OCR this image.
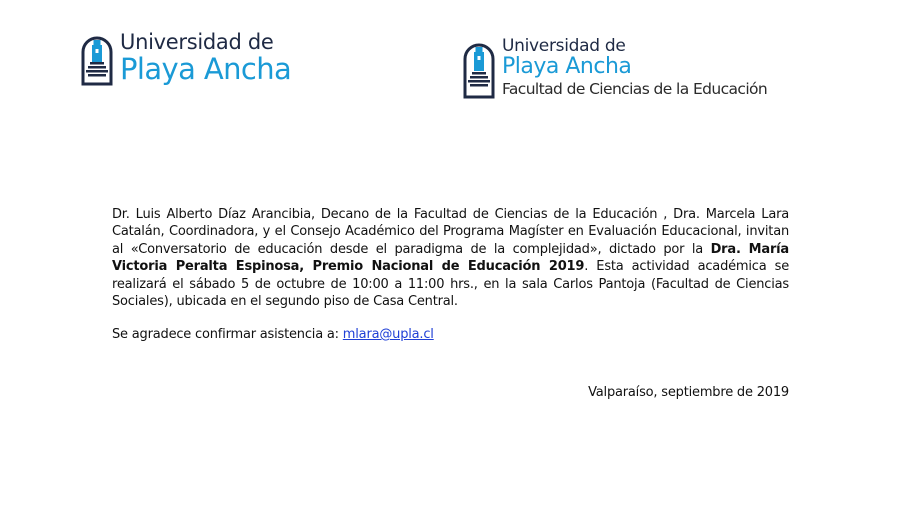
Universidad de
Playa Ancha
Universidad de
Playa Ancha
Facultad de Ciencias de la Educación
Dr. Luis Alberto Díaz Arancibia, Decano de la Facultad de Ciencias de la Educación , Dra. Marcela Lara Catalán, Coordinadora, y el Consejo Académico del Programa Magíster en Evaluación Educacional, invitan al «Conversatorio de educación desde el paradigma de la complejidad», dictado por la Dra. María Victoria Peralta Espinosa, Premio Nacional de Educación 2019. Esta actividad académica se realizará el sábado 5 de octubre de 10:00 a 11:00 hrs., en la sala Carlos Pantoja (Facultad de Ciencias Sociales), ubicada en el segundo piso de Casa Central.
Se agradece confirmar asistencia a: mlara@upla.cl
Valparaíso, septiembre de 2019
